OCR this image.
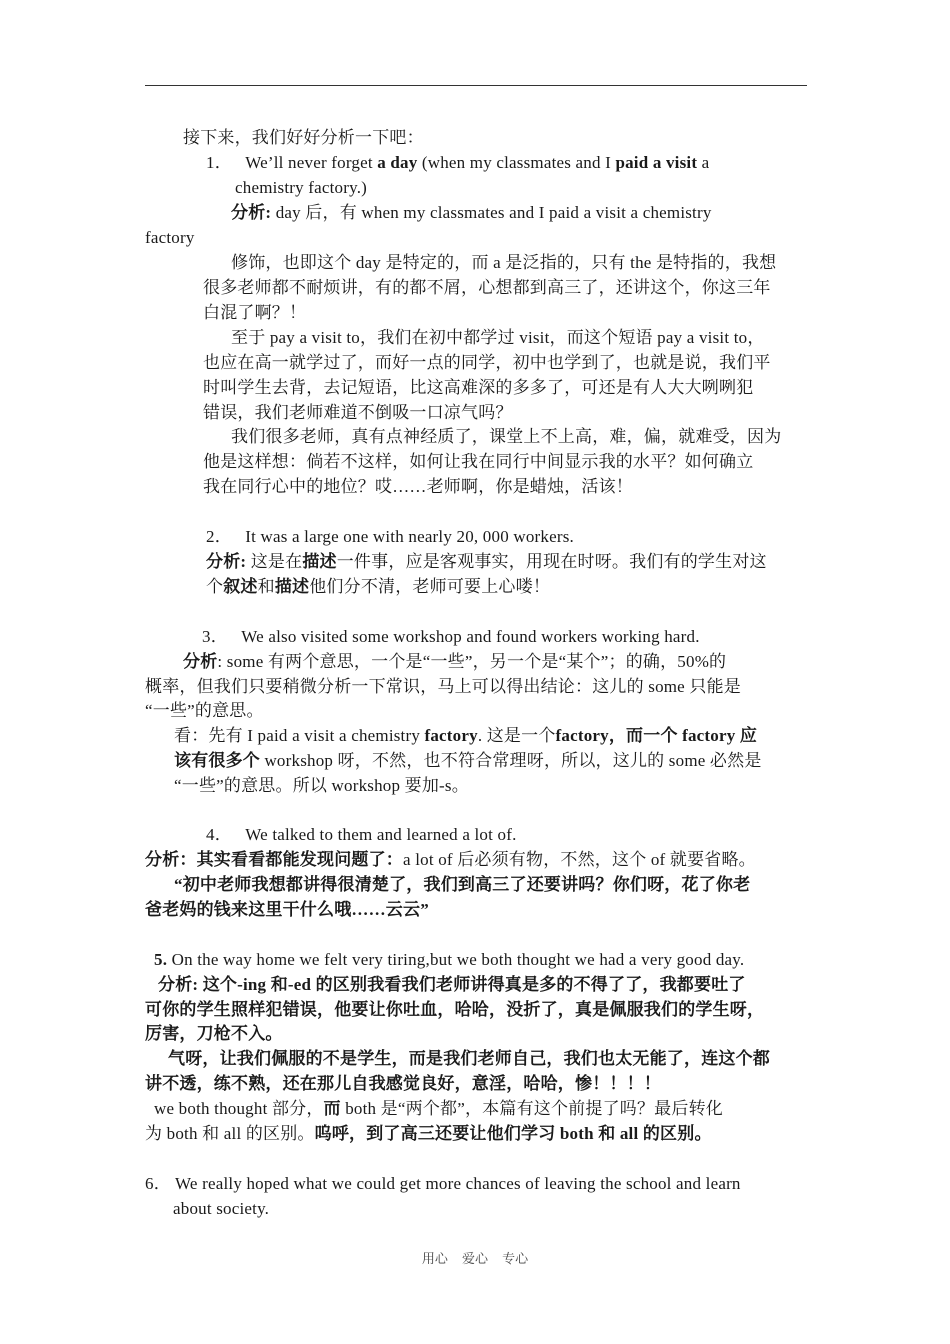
接下来，我们好好分析一下吧：
1． We’ll never forget a day (when my classmates and I paid a visit a
chemistry factory.)
分析: day 后，有 when my classmates and I paid a visit a chemistry
factory
修饰，也即这个 day 是特定的，而 a 是泛指的，只有 the 是特指的，我想
很多老师都不耐烦讲，有的都不屑，心想都到高三了，还讲这个，你这三年
白混了啊？！
至于 pay a visit to，我们在初中都学过 visit，而这个短语 pay a visit to，
也应在高一就学过了，而好一点的同学，初中也学到了，也就是说，我们平
时叫学生去背，去记短语，比这高难深的多多了，可还是有人大大咧咧犯
错误，我们老师难道不倒吸一口凉气吗？
我们很多老师，真有点神经质了，课堂上不上高，难，偏，就难受，因为
他是这样想：倘若不这样，如何让我在同行中间显示我的水平？如何确立
我在同行心中的地位？哎……老师啊，你是蜡烛，活该！
2． It was a large one with nearly 20, 000 workers.
分析: 这是在描述一件事，应是客观事实，用现在时呀。我们有的学生对这
个叙述和描述他们分不清，老师可要上心喽！
3． We also visited some workshop and found workers working hard.
分析: some 有两个意思，一个是“一些”，另一个是“某个”；的确，50%的
概率，但我们只要稍微分析一下常识，马上可以得出结论：这儿的 some 只能是
“一些”的意思。
看：先有 I paid a visit a chemistry factory. 这是一个factory，而一个 factory 应
该有很多个 workshop 呀，不然，也不符合常理呀，所以，这儿的 some 必然是
“一些”的意思。所以 workshop 要加-s。
4． We talked to them and learned a lot of.
分析：其实看看都能发现问题了：a lot of 后必须有物，不然，这个 of 就要省略。
“初中老师我想都讲得很清楚了，我们到高三了还要讲吗？你们呀，花了你老
爸老妈的钱来这里干什么哦……云云”
5. On the way home we felt very tiring,but we both thought we had a very good day.
分析: 这个-ing 和-ed 的区别我看我们老师讲得真是多的不得了了，我都要吐了
可你的学生照样犯错误，他要让你吐血，哈哈，没折了，真是佩服我们的学生呀，
厉害，刀枪不入。
气呀，让我们佩服的不是学生，而是我们老师自己，我们也太无能了，连这个都
讲不透，练不熟，还在那儿自我感觉良好，意淫，哈哈，惨！！！！
we both thought 部分，而 both 是“两个都”，本篇有这个前提了吗？最后转化
为 both 和 all 的区别。呜呼，到了高三还要让他们学习 both 和 all 的区别。
6． We really hoped what we could get more chances of leaving the school and learn
about society.
用心 爱心 专心
